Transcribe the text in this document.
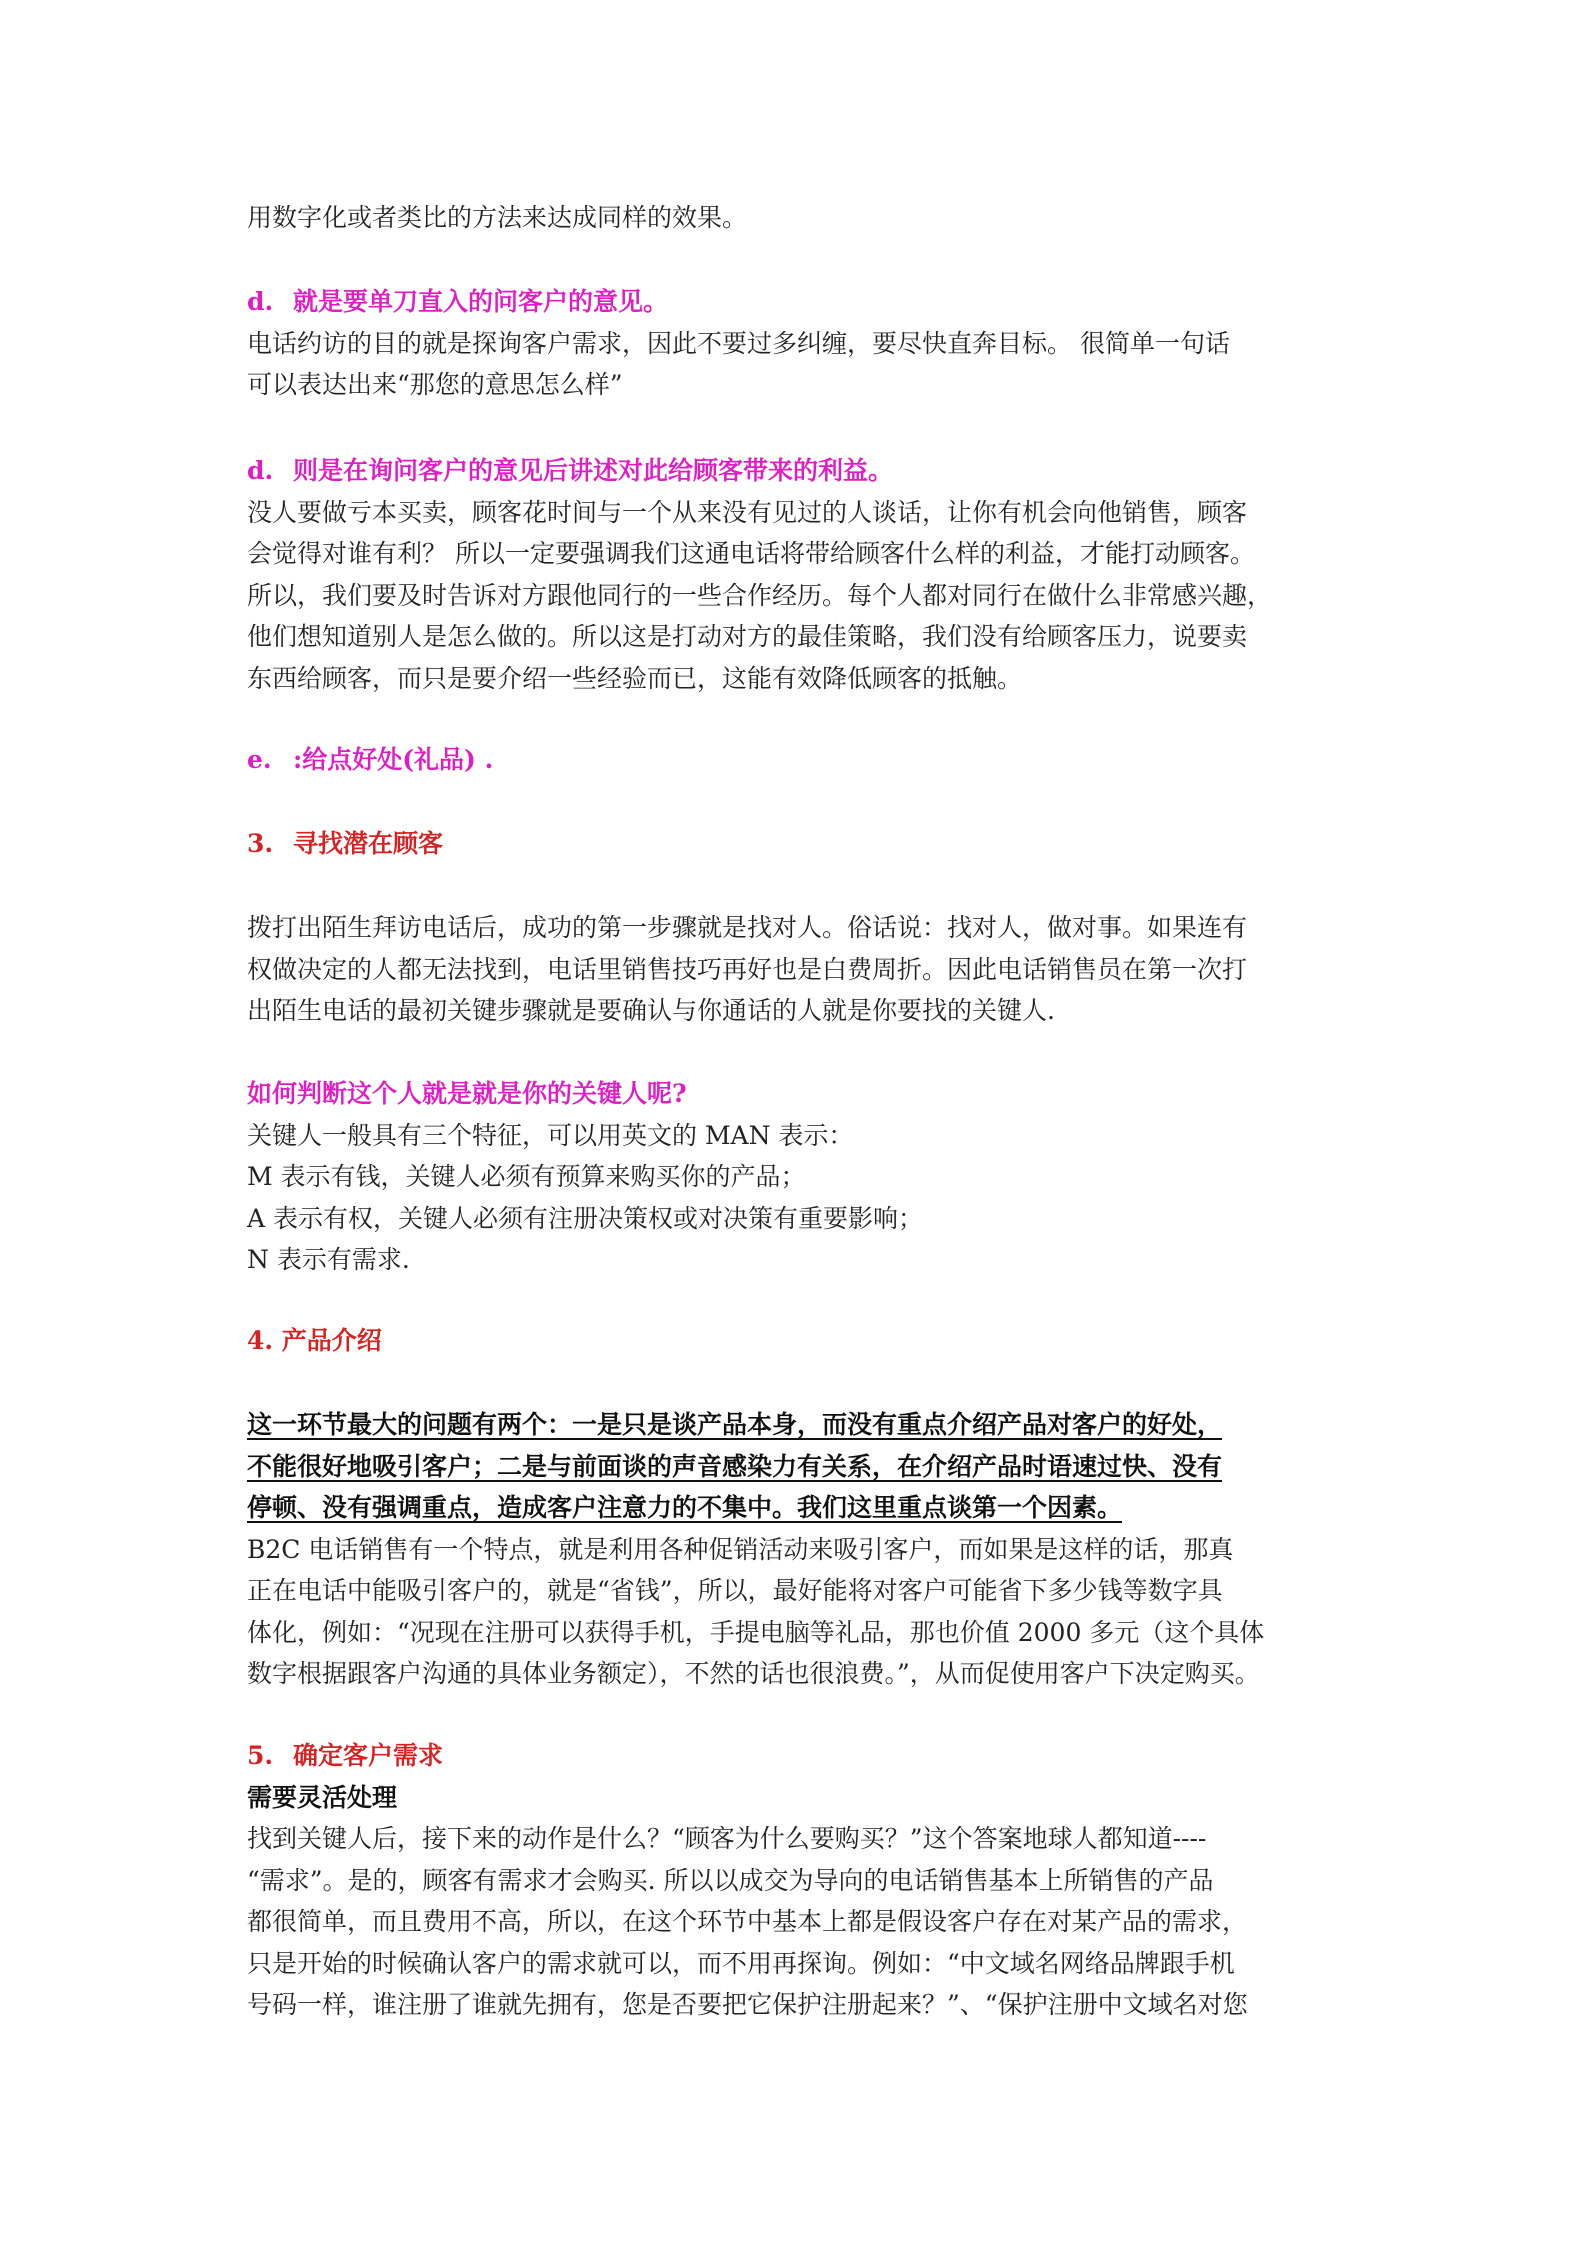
用数字化或者类比的方法来达成同样的效果。

d. 就是要单刀直入的问客户的意见。

电话约访的目的就是探询客户需求，因此不要过多纠缠，要尽快直奔目标。 很简单一句话

可以表达出来“那您的意思怎么样”

d. 则是在询问客户的意见后讲述对此给顾客带来的利益。

没人要做亏本买卖，顾客花时间与一个从来没有见过的人谈话，让你有机会向他销售，顾客

会觉得对谁有利？ 所以一定要强调我们这通电话将带给顾客什么样的利益，才能打动顾客。

所以，我们要及时告诉对方跟他同行的一些合作经历。每个人都对同行在做什么非常感兴趣，

他们想知道别人是怎么做的。所以这是打动对方的最佳策略，我们没有给顾客压力，说要卖

东西给顾客，而只是要介绍一些经验而已，这能有效降低顾客的抵触。

e. :给点好处(礼品) .

3. 寻找潜在顾客

拨打出陌生拜访电话后，成功的第一步骤就是找对人。俗话说：找对人，做对事。如果连有

权做决定的人都无法找到，电话里销售技巧再好也是白费周折。因此电话销售员在第一次打

出陌生电话的最初关键步骤就是要确认与你通话的人就是你要找的关键人.

如何判断这个人就是就是你的关键人呢?

关键人一般具有三个特征，可以用英文的 MAN 表示：

M 表示有钱，关键人必须有预算来购买你的产品；

A 表示有权，关键人必须有注册决策权或对决策有重要影响；

N 表示有需求.

4. 产品介绍

这一环节最大的问题有两个：一是只是谈产品本身，而没有重点介绍产品对客户的好处，

不能很好地吸引客户；二是与前面谈的声音感染力有关系，在介绍产品时语速过快、没有

停顿、没有强调重点，造成客户注意力的不集中。我们这里重点谈第一个因素。

B2C 电话销售有一个特点，就是利用各种促销活动来吸引客户，而如果是这样的话，那真

正在电话中能吸引客户的，就是“省钱”，所以，最好能将对客户可能省下多少钱等数字具

体化，例如：“况现在注册可以获得手机，手提电脑等礼品，那也价值 2000 多元（这个具体

数字根据跟客户沟通的具体业务额定），不然的话也很浪费。”，从而促使用客户下决定购买。

5. 确定客户需求

需要灵活处理

找到关键人后，接下来的动作是什么？“顾客为什么要购买？”这个答案地球人都知道----

“需求”。是的，顾客有需求才会购买. 所以以成交为导向的电话销售基本上所销售的产品

都很简单，而且费用不高，所以，在这个环节中基本上都是假设客户存在对某产品的需求，

只是开始的时候确认客户的需求就可以，而不用再探询。例如：“中文域名网络品牌跟手机

号码一样，谁注册了谁就先拥有，您是否要把它保护注册起来？”、“保护注册中文域名对您
